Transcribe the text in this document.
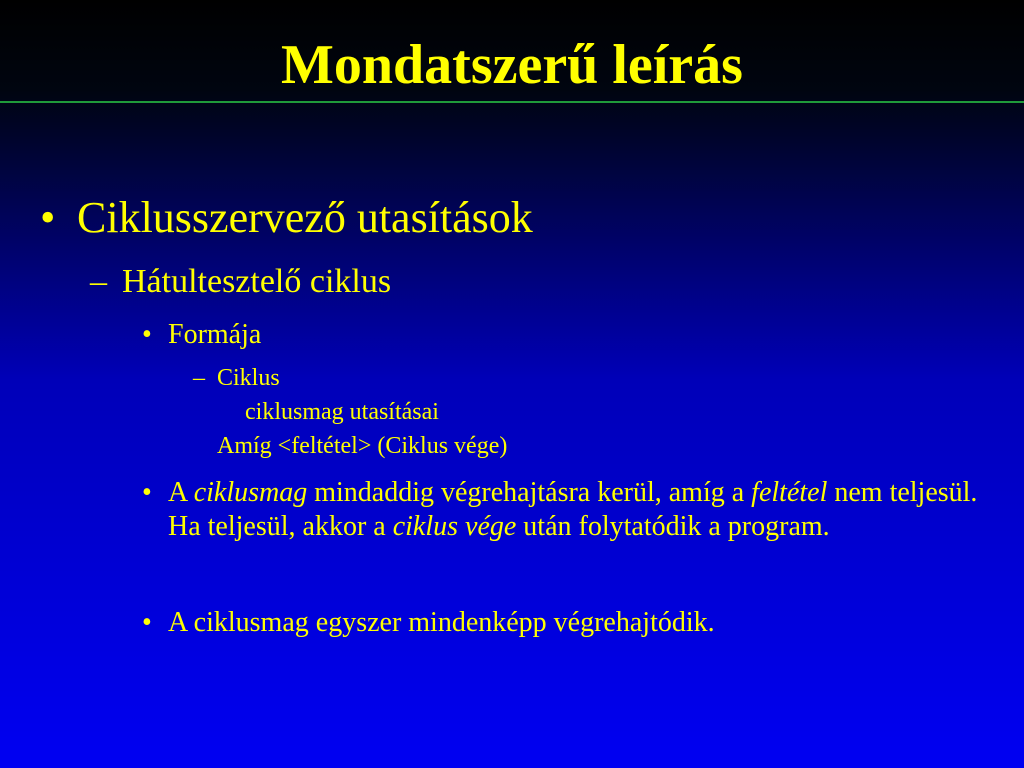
Mondatszerű leírás
• Ciklusszervező utasítások
– Hátultesztelő ciklus
• Formája
– Ciklus
ciklusmag utasításai
Amíg <feltétel> (Ciklus vége)
• A ciklusmag mindaddig végrehajtásra kerül, amíg a feltétel nem teljesül. Ha teljesül, akkor a ciklus vége után folytatódik a program.
• A ciklusmag egyszer mindenképp végrehajtódik.
